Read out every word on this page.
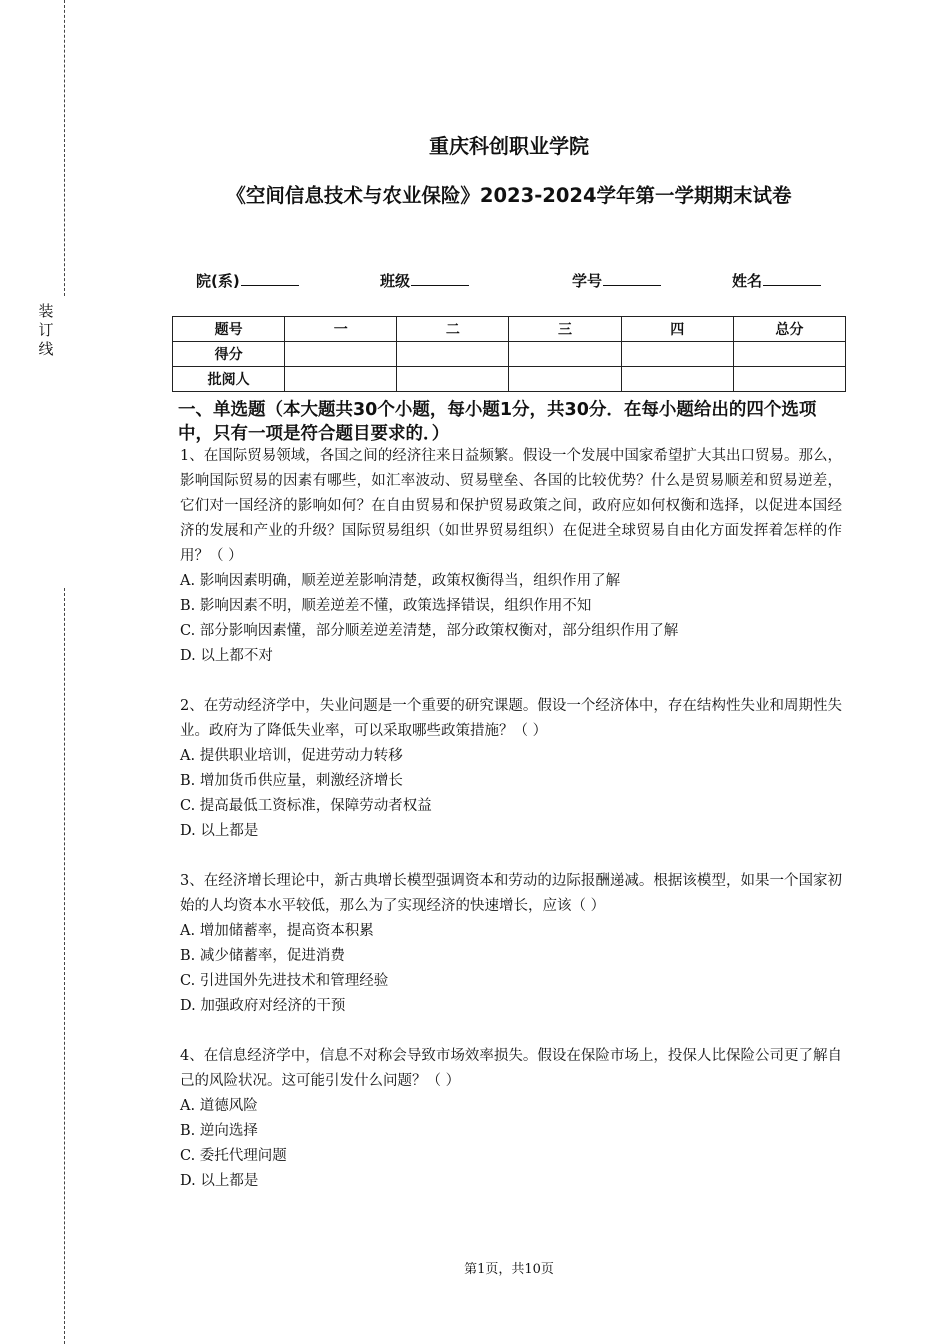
装
订
线
重庆科创职业学院
《空间信息技术与农业保险》2023-2024学年第一学期期末试卷
院(系)	班级	学号	姓名
题号	一	二	三	四	总分
得分					
批阅人					
一、单选题（本大题共30个小题，每小题1分，共30分．在每小题给出的四个选项中，只有一项是符合题目要求的．）
1、在国际贸易领域，各国之间的经济往来日益频繁。假设一个发展中国家希望扩大其出口贸易。那么，影响国际贸易的因素有哪些，如汇率波动、贸易壁垒、各国的比较优势？什么是贸易顺差和贸易逆差，它们对一国经济的影响如何？在自由贸易和保护贸易政策之间，政府应如何权衡和选择，以促进本国经济的发展和产业的升级？国际贸易组织（如世界贸易组织）在促进全球贸易自由化方面发挥着怎样的作用？（ ）
A. 影响因素明确，顺差逆差影响清楚，政策权衡得当，组织作用了解
B. 影响因素不明，顺差逆差不懂，政策选择错误，组织作用不知
C. 部分影响因素懂，部分顺差逆差清楚，部分政策权衡对，部分组织作用了解
D. 以上都不对
2、在劳动经济学中，失业问题是一个重要的研究课题。假设一个经济体中，存在结构性失业和周期性失业。政府为了降低失业率，可以采取哪些政策措施？（ ）
A. 提供职业培训，促进劳动力转移
B. 增加货币供应量，刺激经济增长
C. 提高最低工资标准，保障劳动者权益
D. 以上都是
3、在经济增长理论中，新古典增长模型强调资本和劳动的边际报酬递减。根据该模型，如果一个国家初始的人均资本水平较低，那么为了实现经济的快速增长，应该（ ）
A. 增加储蓄率，提高资本积累
B. 减少储蓄率，促进消费
C. 引进国外先进技术和管理经验
D. 加强政府对经济的干预
4、在信息经济学中，信息不对称会导致市场效率损失。假设在保险市场上，投保人比保险公司更了解自己的风险状况。这可能引发什么问题？（ ）
A. 道德风险
B. 逆向选择
C. 委托代理问题
D. 以上都是
第1页，共10页
